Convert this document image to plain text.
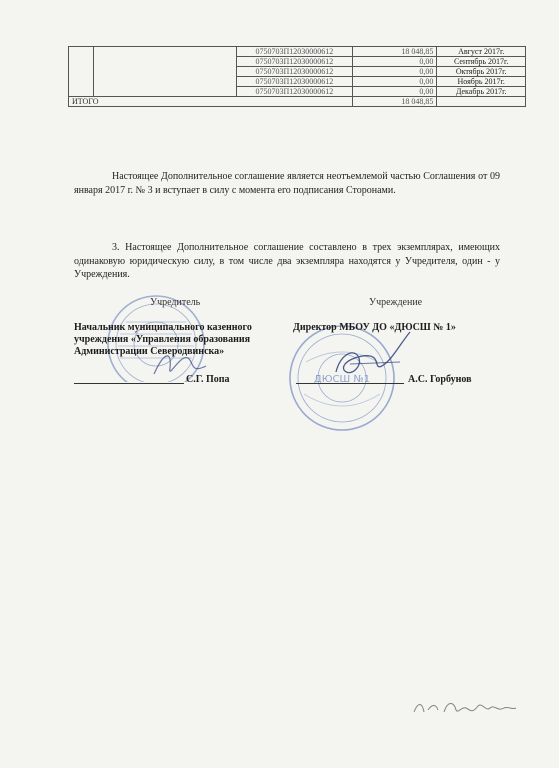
		0750703П12030000612	18 048,85	Август 2017г.
		0750703П12030000612	0,00	Сентябрь 2017г.
		0750703П12030000612	0,00	Октябрь 2017г.
		0750703П12030000612	0,00	Ноябрь 2017г.
		0750703П12030000612	0,00	Декабрь 2017г.
ИТОГО			18 048,85	

Настоящее Дополнительное соглашение является неотъемлемой частью Соглашения от 09 января 2017 г. № 3 и вступает в силу с момента его подписания Сторонами.

3. Настоящее Дополнительное соглашение составлено в трех экземплярах, имеющих одинаковую юридическую силу, в том числе два экземпляра находятся у Учредителя, один - у Учреждения.

ДЮСШ №1
Учредитель	Учреждение
Начальник муниципального казенного
учреждения «Управления образования
Администрации Северодвинска»
Директор МБОУ ДО «ДЮСШ № 1»
С.Г. Попа	А.С. Горбунов
